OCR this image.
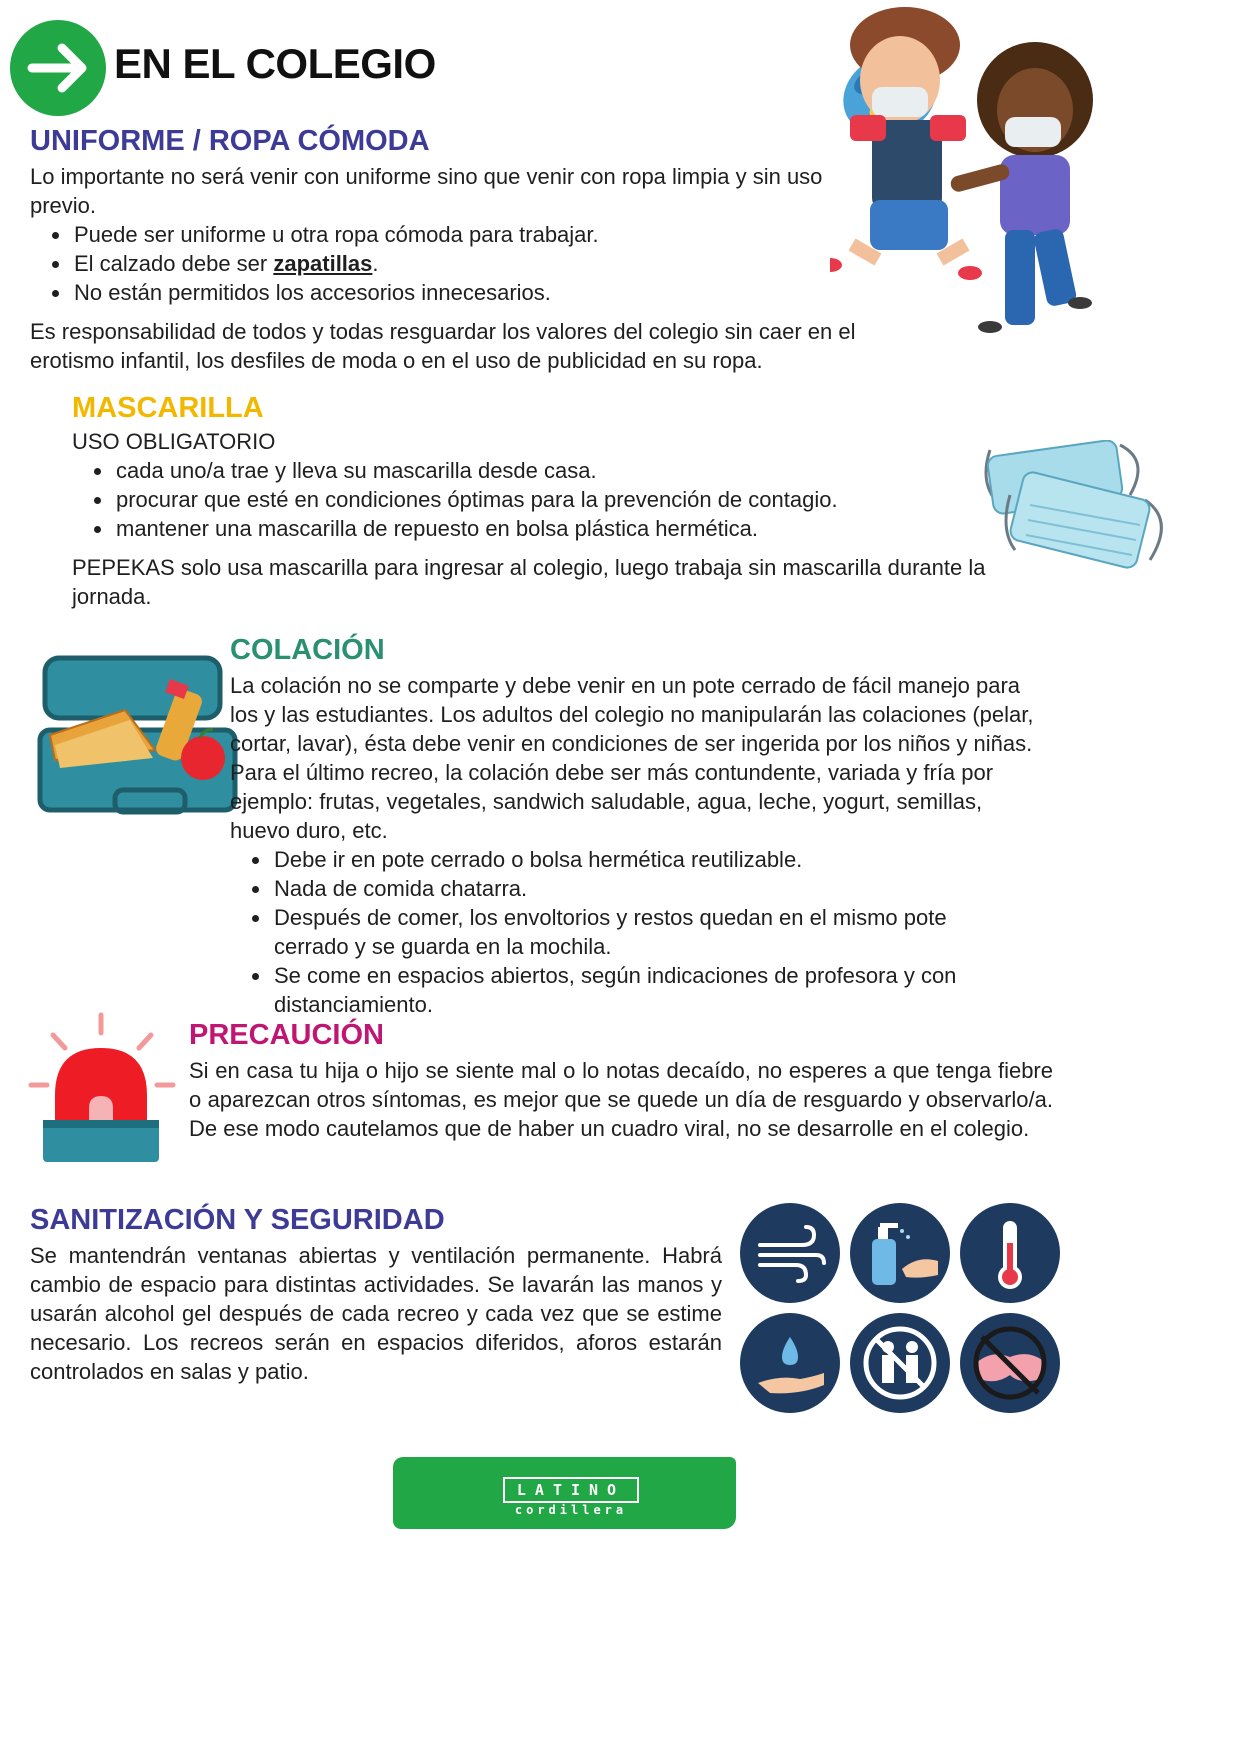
EN EL COLEGIO
UNIFORME / ROPA CÓMODA

Lo importante no será venir con uniforme sino que venir con ropa limpia y sin uso previo.

• Puede ser uniforme u otra ropa cómoda para trabajar.
• El calzado debe ser zapatillas.
• No están permitidos los accesorios innecesarios.

Es responsabilidad de todos y todas resguardar los valores del colegio sin caer en el erotismo infantil, los desfiles de moda o en el uso de publicidad en su ropa.

MASCARILLA

USO OBLIGATORIO

• cada uno/a trae y lleva su mascarilla desde casa.
• procurar que esté en condiciones óptimas para la prevención de contagio.
• mantener una mascarilla de repuesto en bolsa plástica hermética.

PEPEKAS solo usa mascarilla para ingresar al colegio, luego trabaja sin mascarilla durante la jornada.

COLACIÓN

La colación no se comparte y debe venir en un pote cerrado de fácil manejo para los y las estudiantes. Los adultos del colegio no manipularán las colaciones (pelar, cortar, lavar), ésta debe venir en condiciones de ser ingerida por los niños y niñas. Para el último recreo, la colación debe ser más contundente, variada y fría por ejemplo: frutas, vegetales, sandwich saludable, agua, leche, yogurt, semillas, huevo duro, etc.

• Debe ir en pote cerrado o bolsa hermética reutilizable.
• Nada de comida chatarra.
• Después de comer, los envoltorios y restos quedan en el mismo pote cerrado y se guarda en la mochila.
• Se come en espacios abiertos, según indicaciones de profesora y con distanciamiento.
PRECAUCIÓN

Si en casa tu hija o hijo se siente mal o lo notas decaído, no esperes a que tenga fiebre o aparezcan otros síntomas, es mejor que se quede un día de resguardo y observarlo/a. De ese modo cautelamos que de haber un cuadro viral, no se desarrolle en el colegio.

SANITIZACIÓN Y SEGURIDAD

Se mantendrán ventanas abiertas y ventilación permanente. Habrá cambio de espacio para distintas actividades. Se lavarán las manos y usarán alcohol gel después de cada recreo y cada vez que se estime necesario. Los recreos serán en espacios diferidos, aforos estarán controlados en salas y patio.

LATINO
cordillera
